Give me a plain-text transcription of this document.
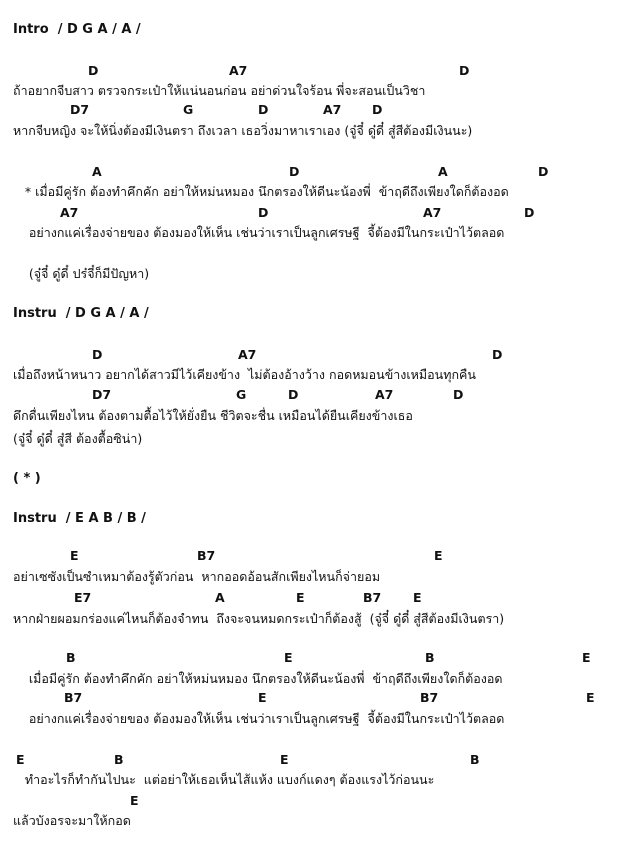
Intro  / D G A / A /
D	A7	D
ถ้าอยากจีบสาว ตรวจกระเป๋าให้แน่นอนก่อน อย่าด่วนใจร้อน พี่จะสอนเป็นวิชา
D7	G	D	A7 D
หากจีบหญิง จะให้นิ่งต้องมีเงินตรา ถึงเวลา เธอวิ่งมาหาเราเอง (จู๋จี๋ ดู๋ดี๋ สู๋สีต้องมีเงินนะ)
A	D	A	D
* เมื่อมีคู่รัก ต้องทำคึกคัก อย่าให้หม่นหมอง นึกตรองให้ดีนะน้องพี่  ข้าฤดีถึงเพียงใดก็ต้องอด
A7	D	A7	D
อย่างกแค่เรื่องจ่ายของ ต้องมองให้เห็น เช่นว่าเราเป็นลูกเศรษฐี  จี้ต้องมีในกระเป๋าไว้ตลอด
(จู๋จี๋ ดู๋ดี๋ ปร๋จี๋ก็มีปัญหา)
Instru  / D G A / A /
D	A7	D
เมื่อถึงหน้าหนาว อยากได้สาวมีไว้เคียงข้าง  ไม่ต้องอ้างว้าง กอดหมอนข้างเหมือนทุกคืน
D7	G	D	A7	D
ดึกดื่นเพียงไหน ต้องตามตื้อไว้ให้ยั่งยืน ชีวิตจะชื่น เหมือนได้ยืนเคียงข้างเธอ
(จู๋จี๋ ดู๋ดี๋ สู๋สี ต้องตื้อซิน่า)
( * )
Instru  / E A B / B /
E	B7	E
อย่าเซซังเป็นซำเหมาต้องรู้ตัวก่อน  หากออดอ้อนสักเพียงไหนก็จ่ายอม
E7	A	E	B7	E
หากฝ่ายผอมกร่องแค่ไหนก็ต้องจำทน  ถึงจะจนหมดกระเป๋าก็ต้องสู้  (จู๋จี๋ ดู๋ดี๋ สู๋สีต้องมีเงินตรา)
B	E	B	E
เมื่อมีคู่รัก ต้องทำคึกคัก อย่าให้หม่นหมอง นึกตรองให้ดีนะน้องพี่  ข้าฤดีถึงเพียงใดก็ต้องอด
B7	E	B7	E
อย่างกแค่เรื่องจ่ายของ ต้องมองให้เห็น เช่นว่าเราเป็นลูกเศรษฐี  จี้ต้องมีในกระเป๋าไว้ตลอด
E	B	E	B
ทำอะไรก็ทำกันไปนะ  แต่อย่าให้เธอเห็นไส้แห้ง แบงก์แดงๆ ต้องแรงไว้ก่อนนะ
E
แล้วบังอรจะมาให้กอด
